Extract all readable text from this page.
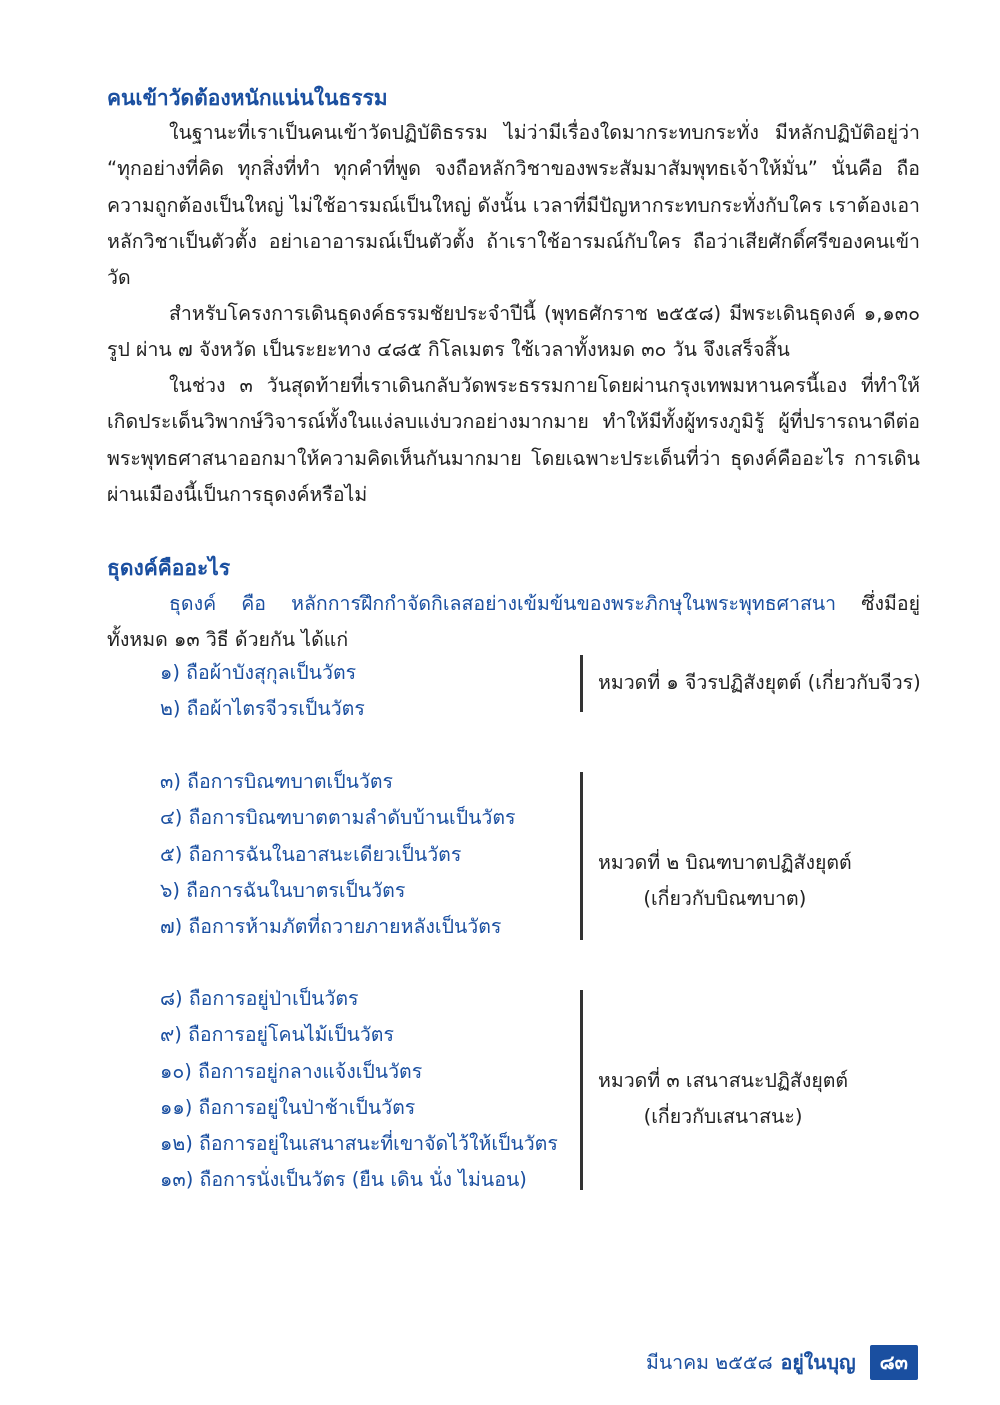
คนเข้าวัดต้องหนักแน่นในธรรม

ในฐานะที่เราเป็นคนเข้าวัดปฏิบัติธรรม ไม่ว่ามีเรื่องใดมากระทบกระทั่ง มีหลักปฏิบัติอยู่ว่า “ทุกอย่างที่คิด ทุกสิ่งที่ทำ ทุกคำที่พูด จงถือหลักวิชาของพระสัมมาสัมพุทธเจ้าให้มั่น” นั่นคือ ถือความถูกต้องเป็นใหญ่ ไม่ใช้อารมณ์เป็นใหญ่ ดังนั้น เวลาที่มีปัญหากระทบกระทั่งกับใคร เราต้องเอาหลักวิชาเป็นตัวตั้ง อย่าเอาอารมณ์เป็นตัวตั้ง ถ้าเราใช้อารมณ์กับใคร ถือว่าเสียศักดิ์ศรีของคนเข้าวัด

สำหรับโครงการเดินธุดงค์ธรรมชัยประจำปีนี้ (พุทธศักราช ๒๕๕๘) มีพระเดินธุดงค์ ๑,๑๓๐ รูป ผ่าน ๗ จังหวัด เป็นระยะทาง ๔๘๕ กิโลเมตร ใช้เวลาทั้งหมด ๓๐ วัน จึงเสร็จสิ้น

ในช่วง ๓ วันสุดท้ายที่เราเดินกลับวัดพระธรรมกายโดยผ่านกรุงเทพมหานครนี้เอง ที่ทำให้เกิดประเด็นวิพากษ์วิจารณ์ทั้งในแง่ลบแง่บวกอย่างมากมาย ทำให้มีทั้งผู้ทรงภูมิรู้ ผู้ที่ปรารถนาดีต่อพระพุทธศาสนาออกมาให้ความคิดเห็นกันมากมาย โดยเฉพาะประเด็นที่ว่า ธุดงค์คืออะไร การเดินผ่านเมืองนี้เป็นการธุดงค์หรือไม่

ธุดงค์คืออะไร

ธุดงค์ คือ หลักการฝึกกำจัดกิเลสอย่างเข้มข้นของพระภิกษุในพระพุทธศาสนา ซึ่งมีอยู่ทั้งหมด ๑๓ วิธี ด้วยกัน ได้แก่

๑) ถือผ้าบังสุกุลเป็นวัตร
๒) ถือผ้าไตรจีวรเป็นวัตร
หมวดที่ ๑ จีวรปฏิสังยุตต์ (เกี่ยวกับจีวร)
๓) ถือการบิณฑบาตเป็นวัตร
๔) ถือการบิณฑบาตตามลำดับบ้านเป็นวัตร
๕) ถือการฉันในอาสนะเดียวเป็นวัตร
๖) ถือการฉันในบาตรเป็นวัตร
๗) ถือการห้ามภัตที่ถวายภายหลังเป็นวัตร
หมวดที่ ๒ บิณฑบาตปฏิสังยุตต์
(เกี่ยวกับบิณฑบาต)
๘) ถือการอยู่ป่าเป็นวัตร
๙) ถือการอยู่โคนไม้เป็นวัตร
๑๐) ถือการอยู่กลางแจ้งเป็นวัตร
๑๑) ถือการอยู่ในป่าช้าเป็นวัตร
๑๒) ถือการอยู่ในเสนาสนะที่เขาจัดไว้ให้เป็นวัตร
๑๓) ถือการนั่งเป็นวัตร (ยืน เดิน นั่ง ไม่นอน)
หมวดที่ ๓ เสนาสนะปฏิสังยุตต์
(เกี่ยวกับเสนาสนะ)
มีนาคม ๒๕๕๘ อยู่ในบุญ	๘๓
